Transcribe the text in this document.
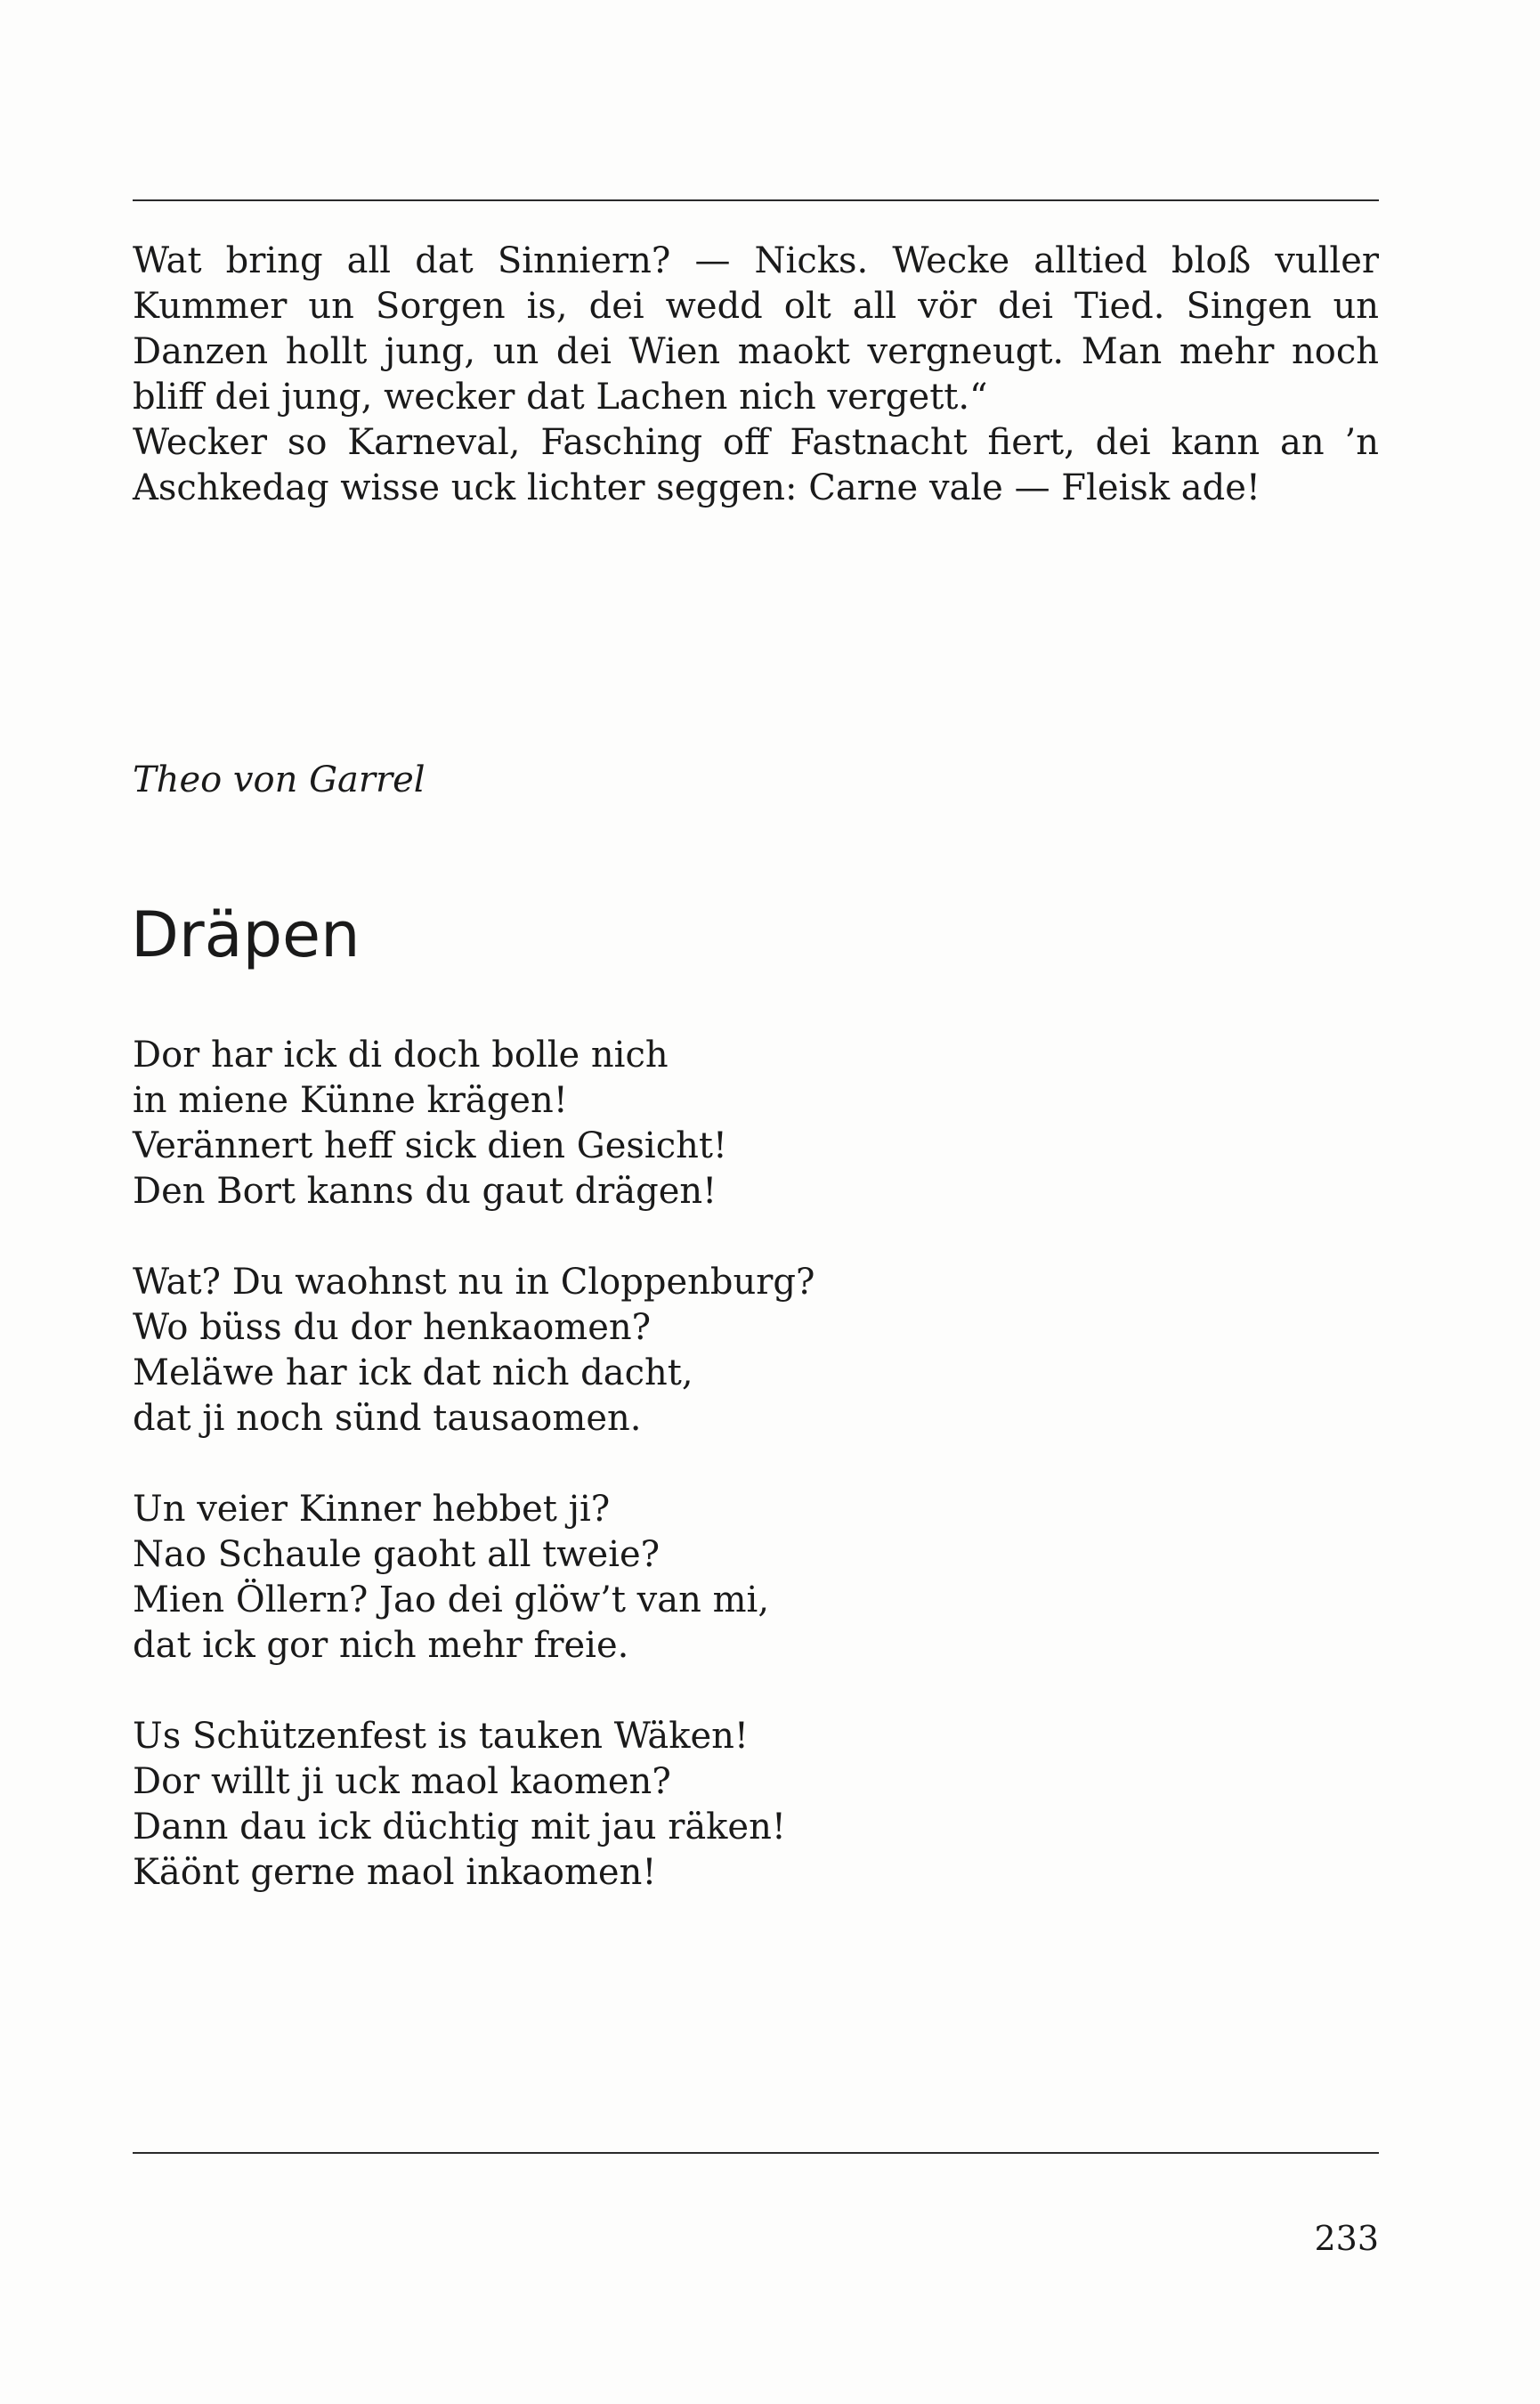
Wat bring all dat Sinniern? — Nicks. Wecke alltied bloß vuller
Kummer un Sorgen is, dei wedd olt all vör dei Tied. Singen un
Danzen hollt jung, un dei Wien maokt vergneugt. Man mehr noch
bliff dei jung, wecker dat Lachen nich vergett.“
Wecker so Karneval, Fasching off Fastnacht fiert, dei kann an ’n
Aschkedag wisse uck lichter seggen: Carne vale — Fleisk ade!
Theo von Garrel
Dräpen
Dor har ick di doch bolle nich
in miene Künne krägen!
Verännert heff sick dien Gesicht!
Den Bort kanns du gaut drägen!
Wat? Du waohnst nu in Cloppenburg?
Wo büss du dor henkaomen?
Meläwe har ick dat nich dacht,
dat ji noch sünd tausaomen.
Un veier Kinner hebbet ji?
Nao Schaule gaoht all tweie?
Mien Öllern? Jao dei glöw’t van mi,
dat ick gor nich mehr freie.
Us Schützenfest is tauken Wäken!
Dor willt ji uck maol kaomen?
Dann dau ick düchtig mit jau räken!
Käönt gerne maol inkaomen!
233
